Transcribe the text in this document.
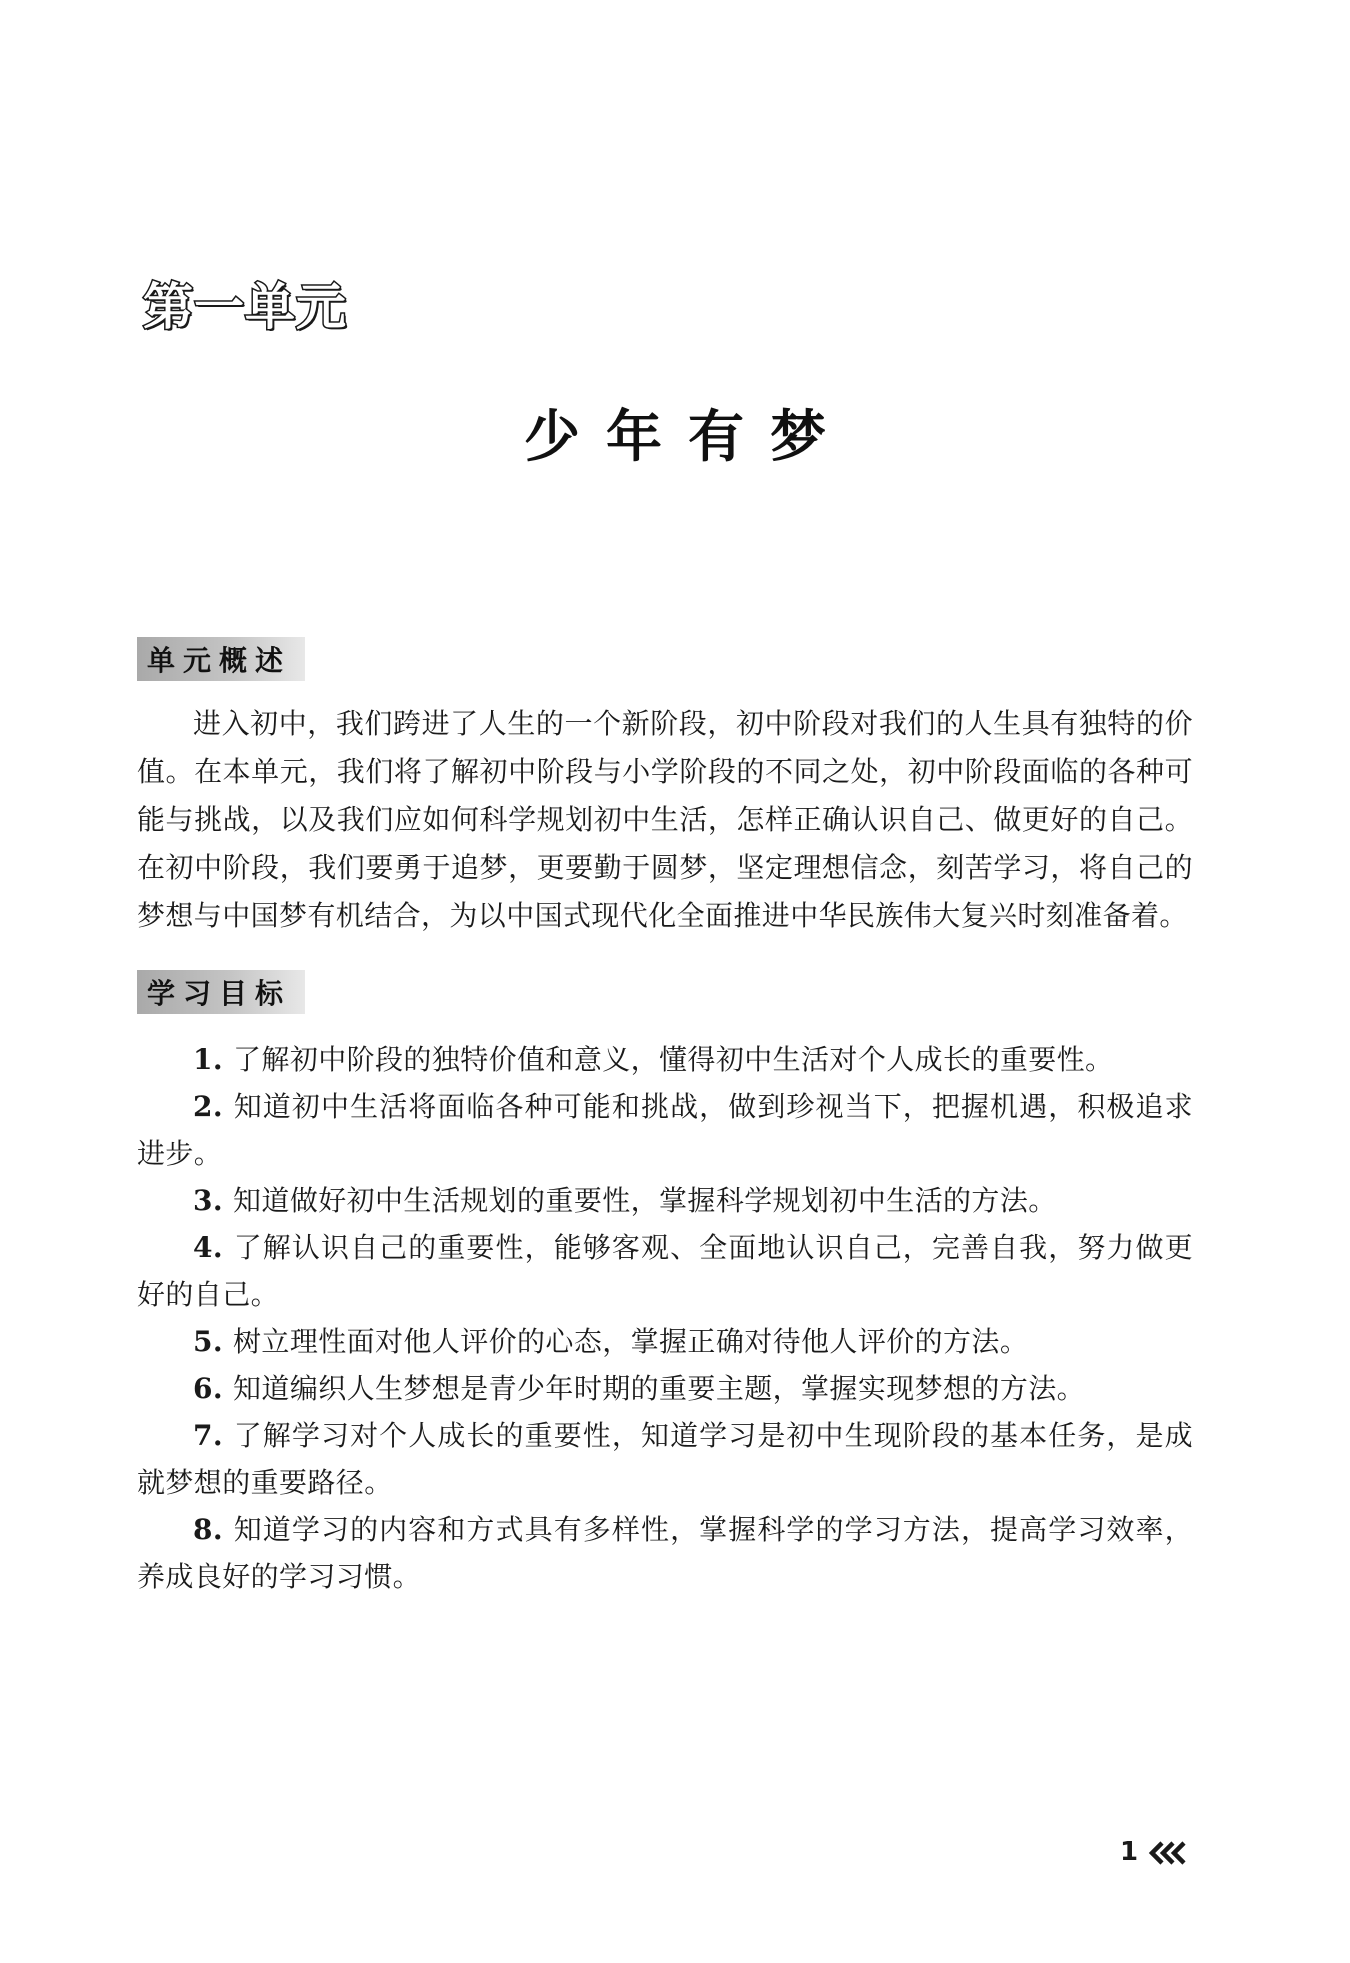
第一单元
少年有梦
单元概述

进入初中，我们跨进了人生的一个新阶段，初中阶段对我们的人生具有独特的价值。在本单元，我们将了解初中阶段与小学阶段的不同之处，初中阶段面临的各种可能与挑战，以及我们应如何科学规划初中生活，怎样正确认识自己、做更好的自己。在初中阶段，我们要勇于追梦，更要勤于圆梦，坚定理想信念，刻苦学习，将自己的梦想与中国梦有机结合，为以中国式现代化全面推进中华民族伟大复兴时刻准备着。

学习目标
1. 了解初中阶段的独特价值和意义，懂得初中生活对个人成长的重要性。
2. 知道初中生活将面临各种可能和挑战，做到珍视当下，把握机遇，积极追求进步。
3. 知道做好初中生活规划的重要性，掌握科学规划初中生活的方法。
4. 了解认识自己的重要性，能够客观、全面地认识自己，完善自我，努力做更好的自己。
5. 树立理性面对他人评价的心态，掌握正确对待他人评价的方法。
6. 知道编织人生梦想是青少年时期的重要主题，掌握实现梦想的方法。
7. 了解学习对个人成长的重要性，知道学习是初中生现阶段的基本任务，是成就梦想的重要路径。
8. 知道学习的内容和方式具有多样性，掌握科学的学习方法，提高学习效率，养成良好的学习习惯。
1
